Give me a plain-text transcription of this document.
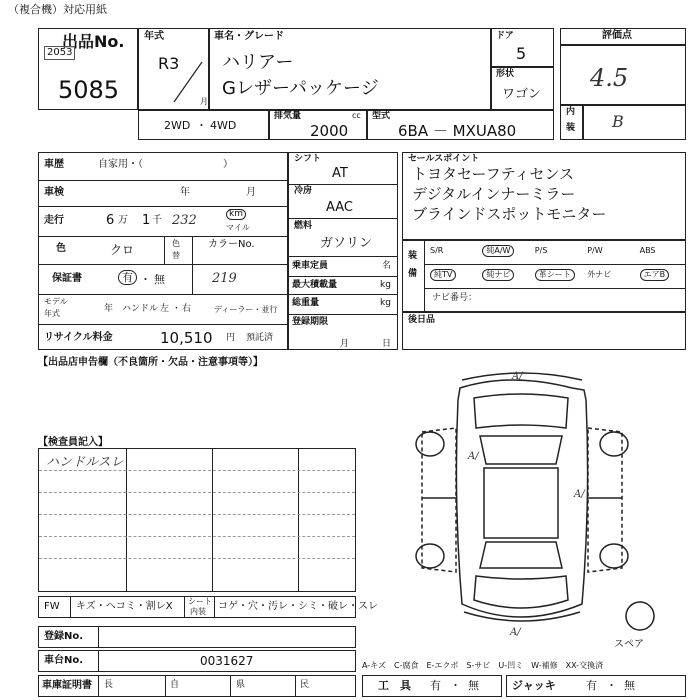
（複合機）対応用紙
出品No.
2053
5085
年式
R3
月
車名・グレード
ハリアー
Gレザーパッケージ
ドア
5
形状
ワゴン
評価点
4.5
内
装 B
2WD ・ 4WD
排気量	cc
2000
型式
6BA － MXUA80
車歴	自家用・（　　　　　　　　）
車検	年	月
走行	6 万 1 千 232	km
マイル
色	クロ	色
替
カラーNo.
219
保証書	有 ・ 無
モデル
年式	年 ハンドル 左 ・ 右	ディーラー・並行
リサイクル料金	10,510 円 預託済
シフト
AT
冷房
AAC
燃料
ガソリン
乗車定員	名
最大積載量	kg
総重量	kg
登録期限
月	日
セールスポイント
トヨタセーフティセンス
デジタルインナーミラー
ブラインドスポットモニター
装
備
S/R	純A/W	P/S	P/W	ABS
純TV	純ナビ	革シート	外ナビ	エアB
ナビ番号：
後日品
【出品店申告欄（不良箇所・欠品・注意事項等）】
【検査員記入】
ハンドルスレ
A/
A/
A/
A/
スペア
FW キズ・ヘコミ・割レX シート
内装 コゲ・穴・汚レ・シミ・破レ・スレ
登録No.
車台No.	0031627
車庫証明書 長	自	県	民
A-キズ　C-腐食　E-エクボ　S-サビ　U-凹ミ　W-補修　XX-交換済
工　具 有 ・ 無	ジャッキ	有 ・ 無
